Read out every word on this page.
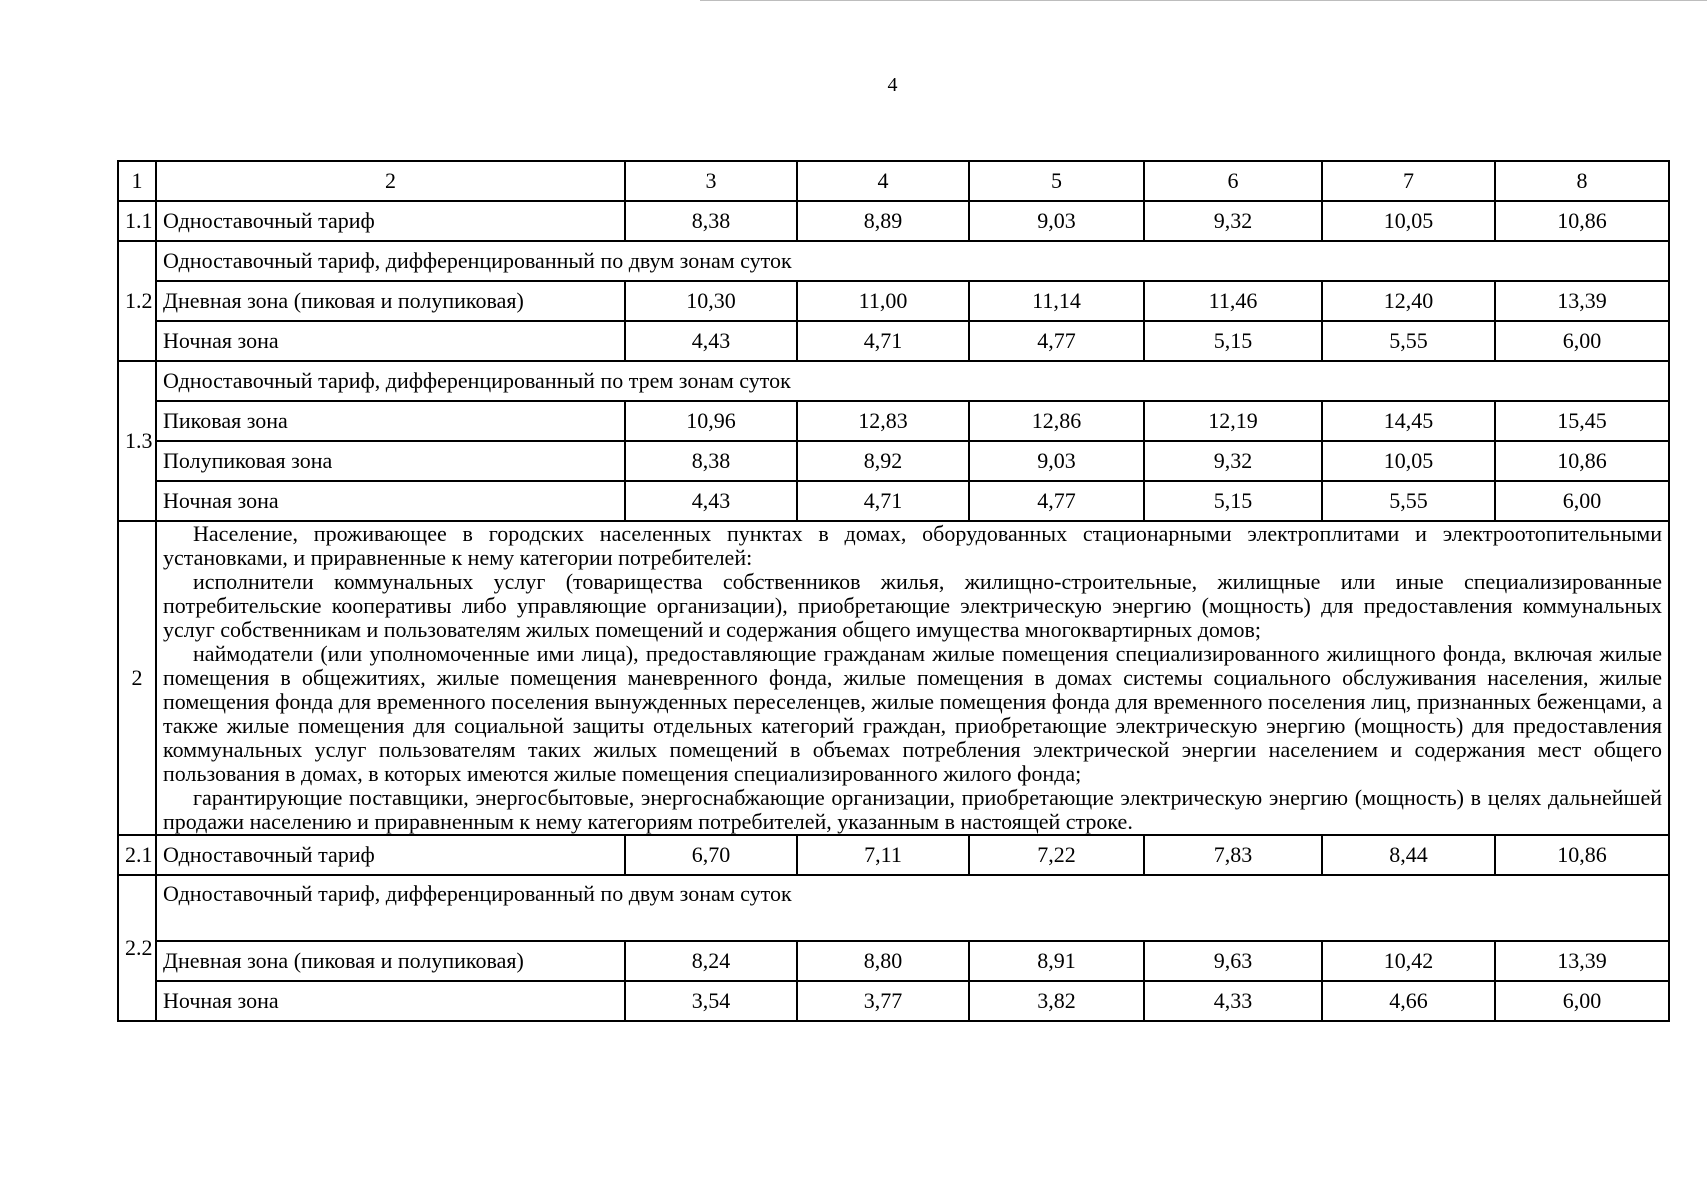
4
1	2	3	4	5	6	7	8
1.1	Одноставочный тариф	8,38	8,89	9,03	9,32	10,05	10,86
1.2	Одноставочный тариф, дифференцированный по двум зонам суток						
	Дневная зона (пиковая и полупиковая)	10,30	11,00	11,14	11,46	12,40	13,39
	Ночная зона	4,43	4,71	4,77	5,15	5,55	6,00
1.3	Одноставочный тариф, дифференцированный по трем зонам суток						
	Пиковая зона	10,96	12,83	12,86	12,19	14,45	15,45
	Полупиковая зона	8,38	8,92	9,03	9,32	10,05	10,86
	Ночная зона	4,43	4,71	4,77	5,15	5,55	6,00
2	Население, проживающее в городских населенных пунктах в домах, оборудованных стационарными электроплитами и электроотопительными установками, и приравненные к нему категории потребителей:

исполнители коммунальных услуг (товарищества собственников жилья, жилищно-строительные, жилищные или иные специализированные потребительские кооперативы либо управляющие организации), приобретающие электрическую энергию (мощность) для предоставления коммунальных услуг собственникам и пользователям жилых помещений и содержания общего имущества многоквартирных домов;

наймодатели (или уполномоченные ими лица), предоставляющие гражданам жилые помещения специализированного жилищного фонда, включая жилые помещения в общежитиях, жилые помещения маневренного фонда, жилые помещения в домах системы социального обслуживания населения, жилые помещения фонда для временного поселения вынужденных переселенцев, жилые помещения фонда для временного поселения лиц, признанных беженцами, а также жилые помещения для социальной защиты отдельных категорий граждан, приобретающие электрическую энергию (мощность) для предоставления коммунальных услуг пользователям таких жилых помещений в объемах потребления электрической энергии населением и содержания мест общего пользования в домах, в которых имеются жилые помещения специализированного жилого фонда;

гарантирующие поставщики, энергосбытовые, энергоснабжающие организации, приобретающие электрическую энергию (мощность) в целях дальнейшей продажи населению и приравненным к нему категориям потребителей, указанным в настоящей строке.						

2.1	Одноставочный тариф	6,70	7,11	7,22	7,83	8,44	10,86
2.2	Одноставочный тариф, дифференцированный по двум зонам суток						
	Дневная зона (пиковая и полупиковая)	8,24	8,80	8,91	9,63	10,42	13,39
	Ночная зона	3,54	3,77	3,82	4,33	4,66	6,00
